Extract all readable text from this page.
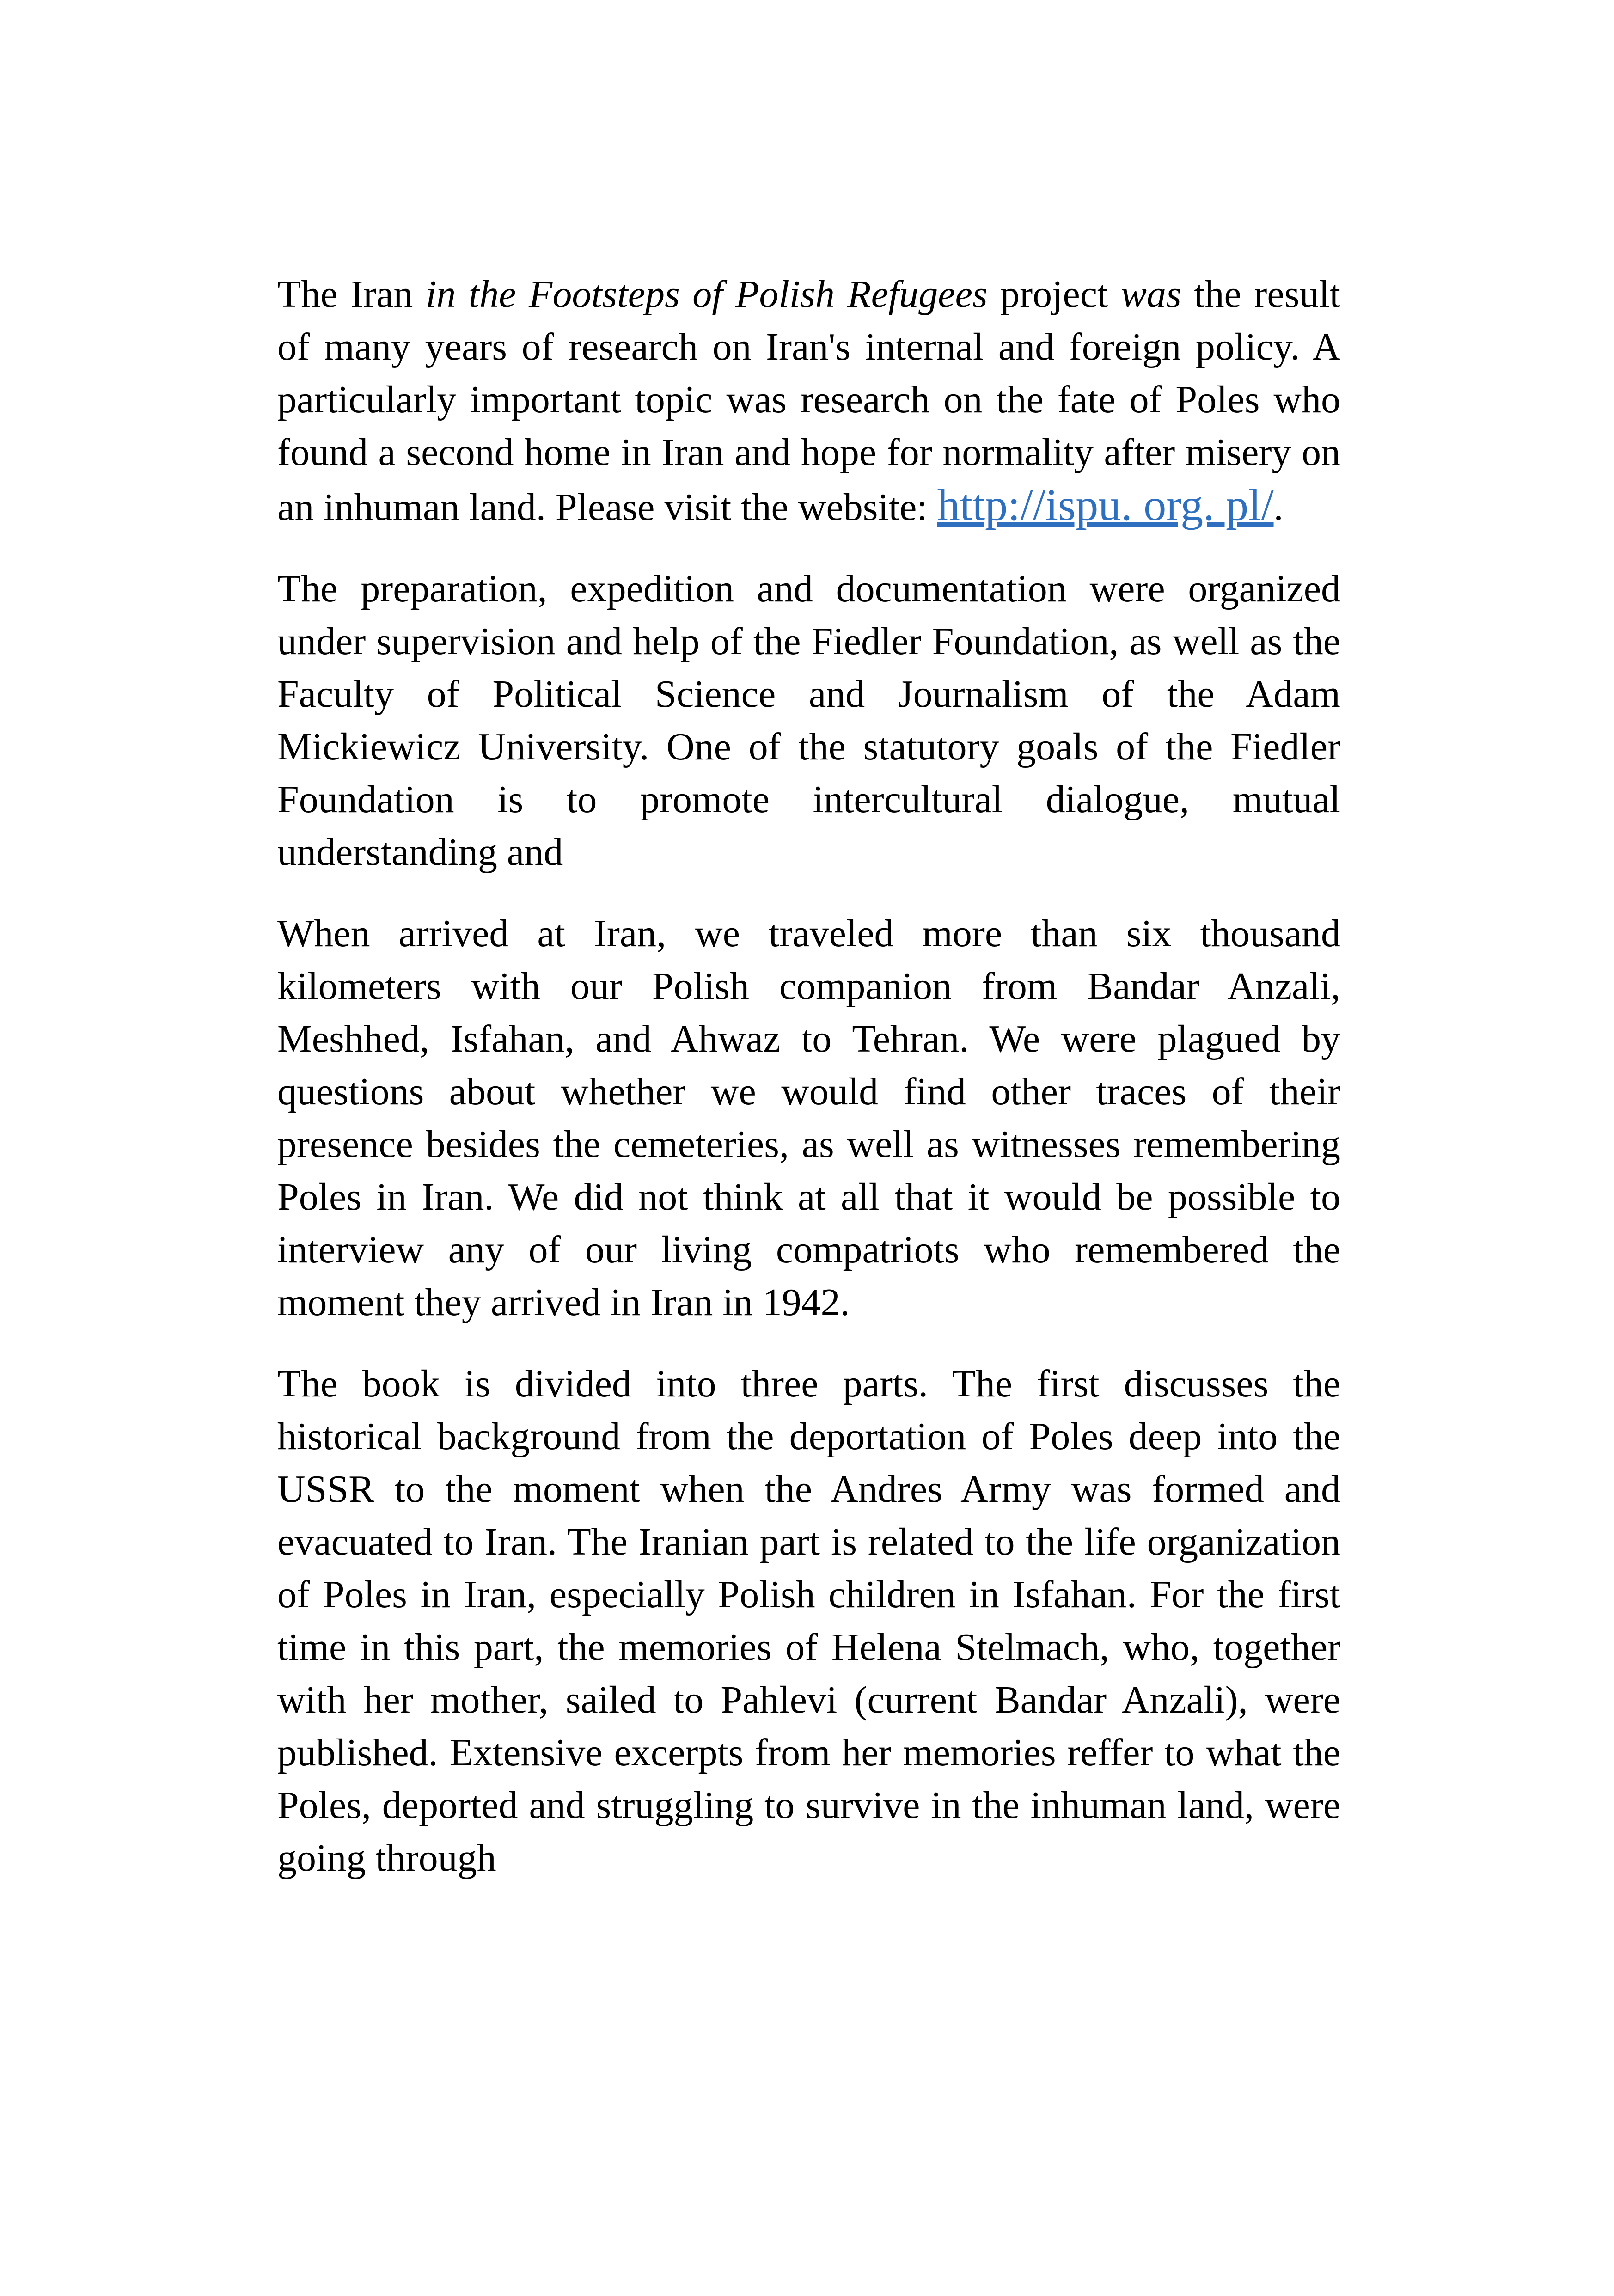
The Iran in the Footsteps of Polish Refugees project was the result of many years of research on Iran's internal and foreign policy. A particularly important topic was research on the fate of Poles who found a second home in Iran and hope for normality after misery on an inhuman land. Please visit the website: http://ispu. org. pl/.

The preparation, expedition and documentation were organized under supervision and help of the Fiedler Foundation, as well as the Faculty of Political Science and Journalism of the Adam Mickiewicz University. One of the statutory goals of the Fiedler Foundation is to promote intercultural dialogue, mutual understanding and

When arrived at Iran, we traveled more than six thousand kilometers with our Polish companion from Bandar Anzali, Meshhed, Isfahan, and Ahwaz to Tehran. We were plagued by questions about whether we would find other traces of their presence besides the cemeteries, as well as witnesses remembering Poles in Iran. We did not think at all that it would be possible to interview any of our living compatriots who remembered the moment they arrived in Iran in 1942.

The book is divided into three parts. The first discusses the historical background from the deportation of Poles deep into the USSR to the moment when the Andres Army was formed and evacuated to Iran. The Iranian part is related to the life organization of Poles in Iran, especially Polish children in Isfahan. For the first time in this part, the memories of Helena Stelmach, who, together with her mother, sailed to Pahlevi (current Bandar Anzali), were published. Extensive excerpts from her memories reffer to what the Poles, deported and struggling to survive in the inhuman land, were going through
